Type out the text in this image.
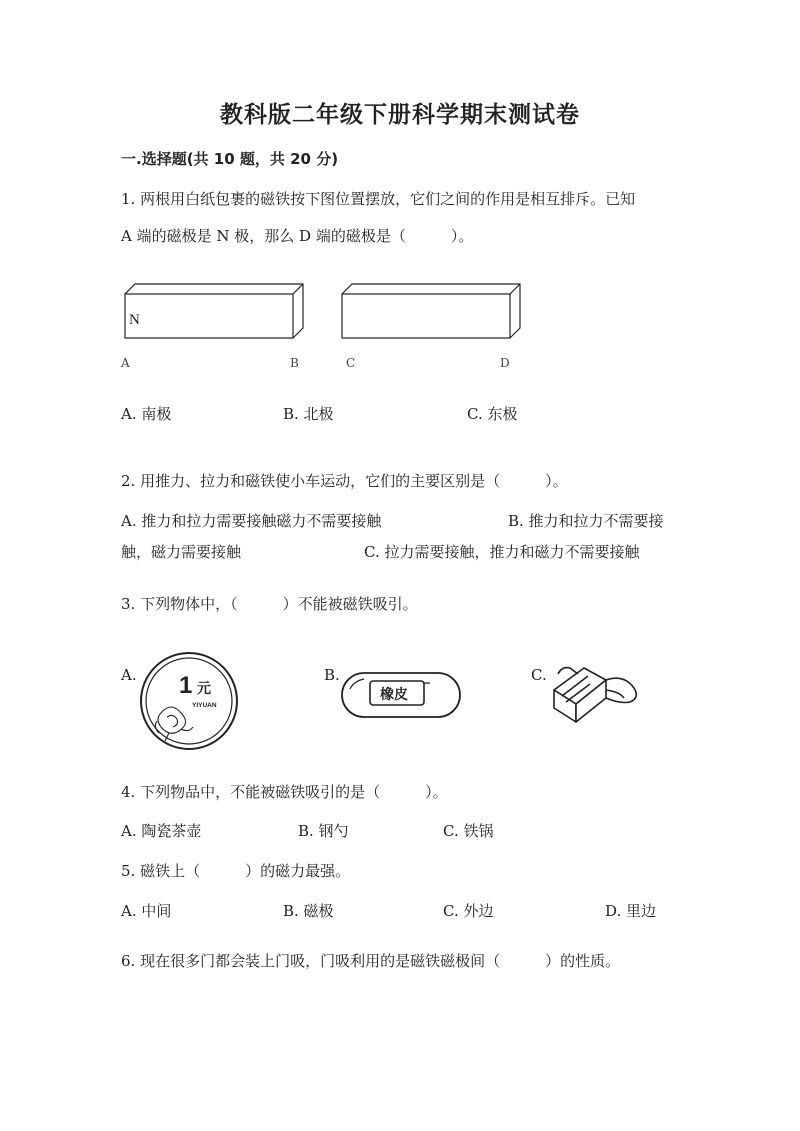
教科版二年级下册科学期末测试卷
一.选择题(共 10 题，共 20 分)
1. 两根用白纸包裹的磁铁按下图位置摆放，它们之间的作用是相互排斥。已知
A 端的磁极是 N 极，那么 D 端的磁极是（　　　）。
N
A	B	C	D
A. 南极	B. 北极	C. 东极
2. 用推力、拉力和磁铁使小车运动，它们的主要区别是（　　　）。
A. 推力和拉力需要接触磁力不需要接触	B. 推力和拉力不需要接
触，磁力需要接触	C. 拉力需要接触，推力和磁力不需要接触
3. 下列物体中，（　　　）不能被磁铁吸引。
A. 1 元
YIYUAN
B.
橡皮
C.
4. 下列物品中，不能被磁铁吸引的是（　　　）。
A. 陶瓷茶壶	B. 钢勺	C. 铁锅
5. 磁铁上（　　　）的磁力最强。
A. 中间	B. 磁极	C. 外边	D. 里边
6. 现在很多门都会装上门吸，门吸利用的是磁铁磁极间（　　　）的性质。
